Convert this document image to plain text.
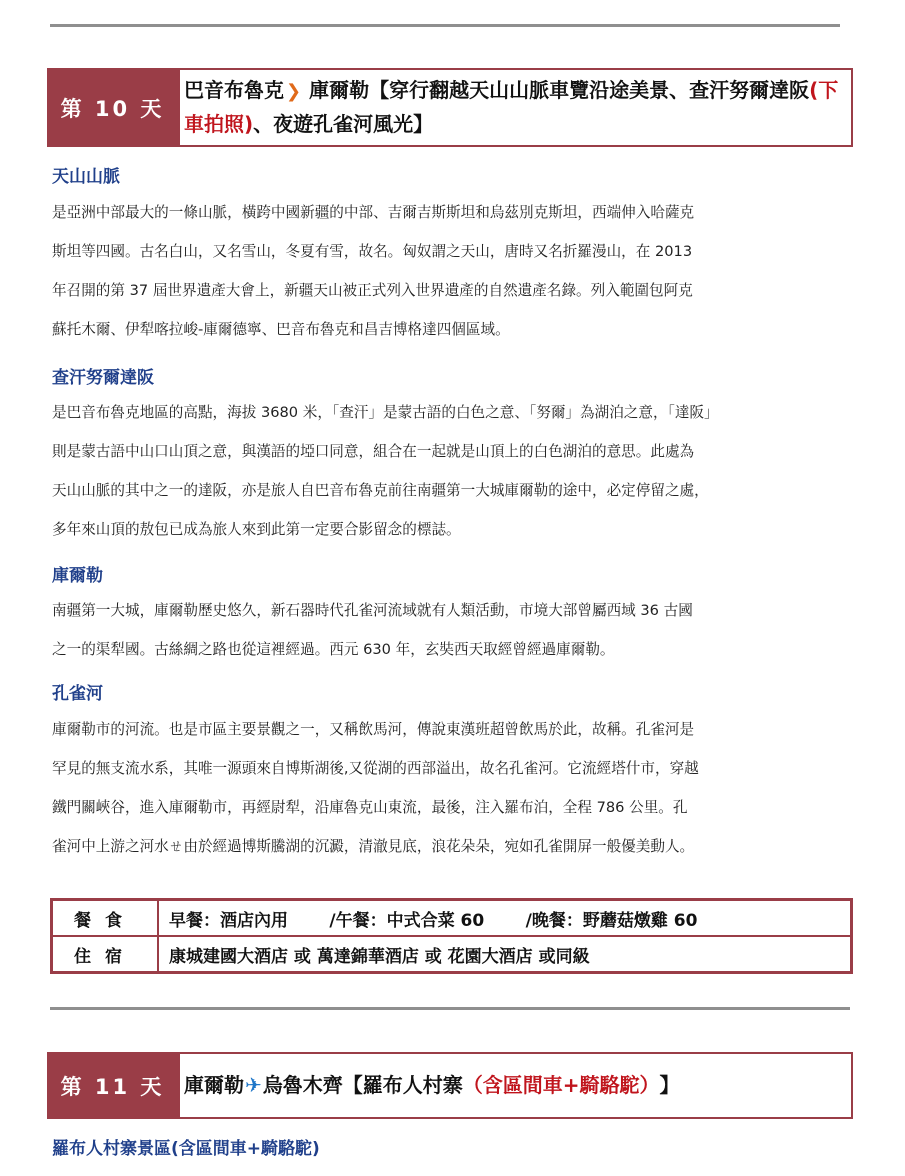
第 10 天
巴音布魯克 ❯ 庫爾勒【穿行翻越天山山脈車覽沿途美景、查汗努爾達阪(下車拍照)、夜遊孔雀河風光】
天山山脈
是亞洲中部最大的一條山脈，橫跨中國新疆的中部、吉爾吉斯斯坦和烏茲別克斯坦，西端伸入哈薩克
斯坦等四國。古名白山，又名雪山，冬夏有雪，故名。匈奴謂之天山，唐時又名折羅漫山，在 2013
年召開的第 37 屆世界遺產大會上，新疆天山被正式列入世界遺產的自然遺產名錄。列入範圍包阿克
蘇托木爾、伊犁喀拉峻-庫爾德寧、巴音布魯克和昌吉博格達四個區域。
查汗努爾達阪
是巴音布魯克地區的高點，海拔 3680 米，「查汗」是蒙古語的白色之意、「努爾」為湖泊之意，「達阪」
則是蒙古語中山口山頂之意，與漢語的埡口同意，組合在一起就是山頂上的白色湖泊的意思。此處為
天山山脈的其中之一的達阪，亦是旅人自巴音布魯克前往南疆第一大城庫爾勒的途中，必定停留之處，
多年來山頂的敖包已成為旅人來到此第一定要合影留念的標誌。
庫爾勒
南疆第一大城，庫爾勒歷史悠久，新石器時代孔雀河流域就有人類活動，市境大部曾屬西域 36 古國
之一的渠犁國。古絲綢之路也從這裡經過。西元 630 年，玄奘西天取經曾經過庫爾勒。
孔雀河
庫爾勒市的河流。也是市區主要景觀之一，又稱飲馬河，傳說東漢班超曾飲馬於此，故稱。孔雀河是
罕見的無支流水系，其唯一源頭來自博斯湖後,又從湖的西部溢出，故名孔雀河。它流經塔什市，穿越
鐵門關峽谷，進入庫爾勒市，再經尉犁，沿庫魯克山東流，最後，注入羅布泊，全程 786 公里。孔
雀河中上游之河水ㄝ由於經過博斯騰湖的沉澱，清澈見底，浪花朵朵，宛如孔雀開屏一般優美動人。
餐食	早餐：酒店內用       /午餐：中式合菜 60       /晚餐：野蘑菇燉雞 60
住宿	康城建國大酒店 或 萬達錦華酒店 或 花園大酒店 或同級
第 11 天 庫爾勒 ✈ 烏魯木齊 【羅布人村寨 （含區間車+騎駱駝） 】
羅布人村寨景區(含區間車+騎駱駝)
